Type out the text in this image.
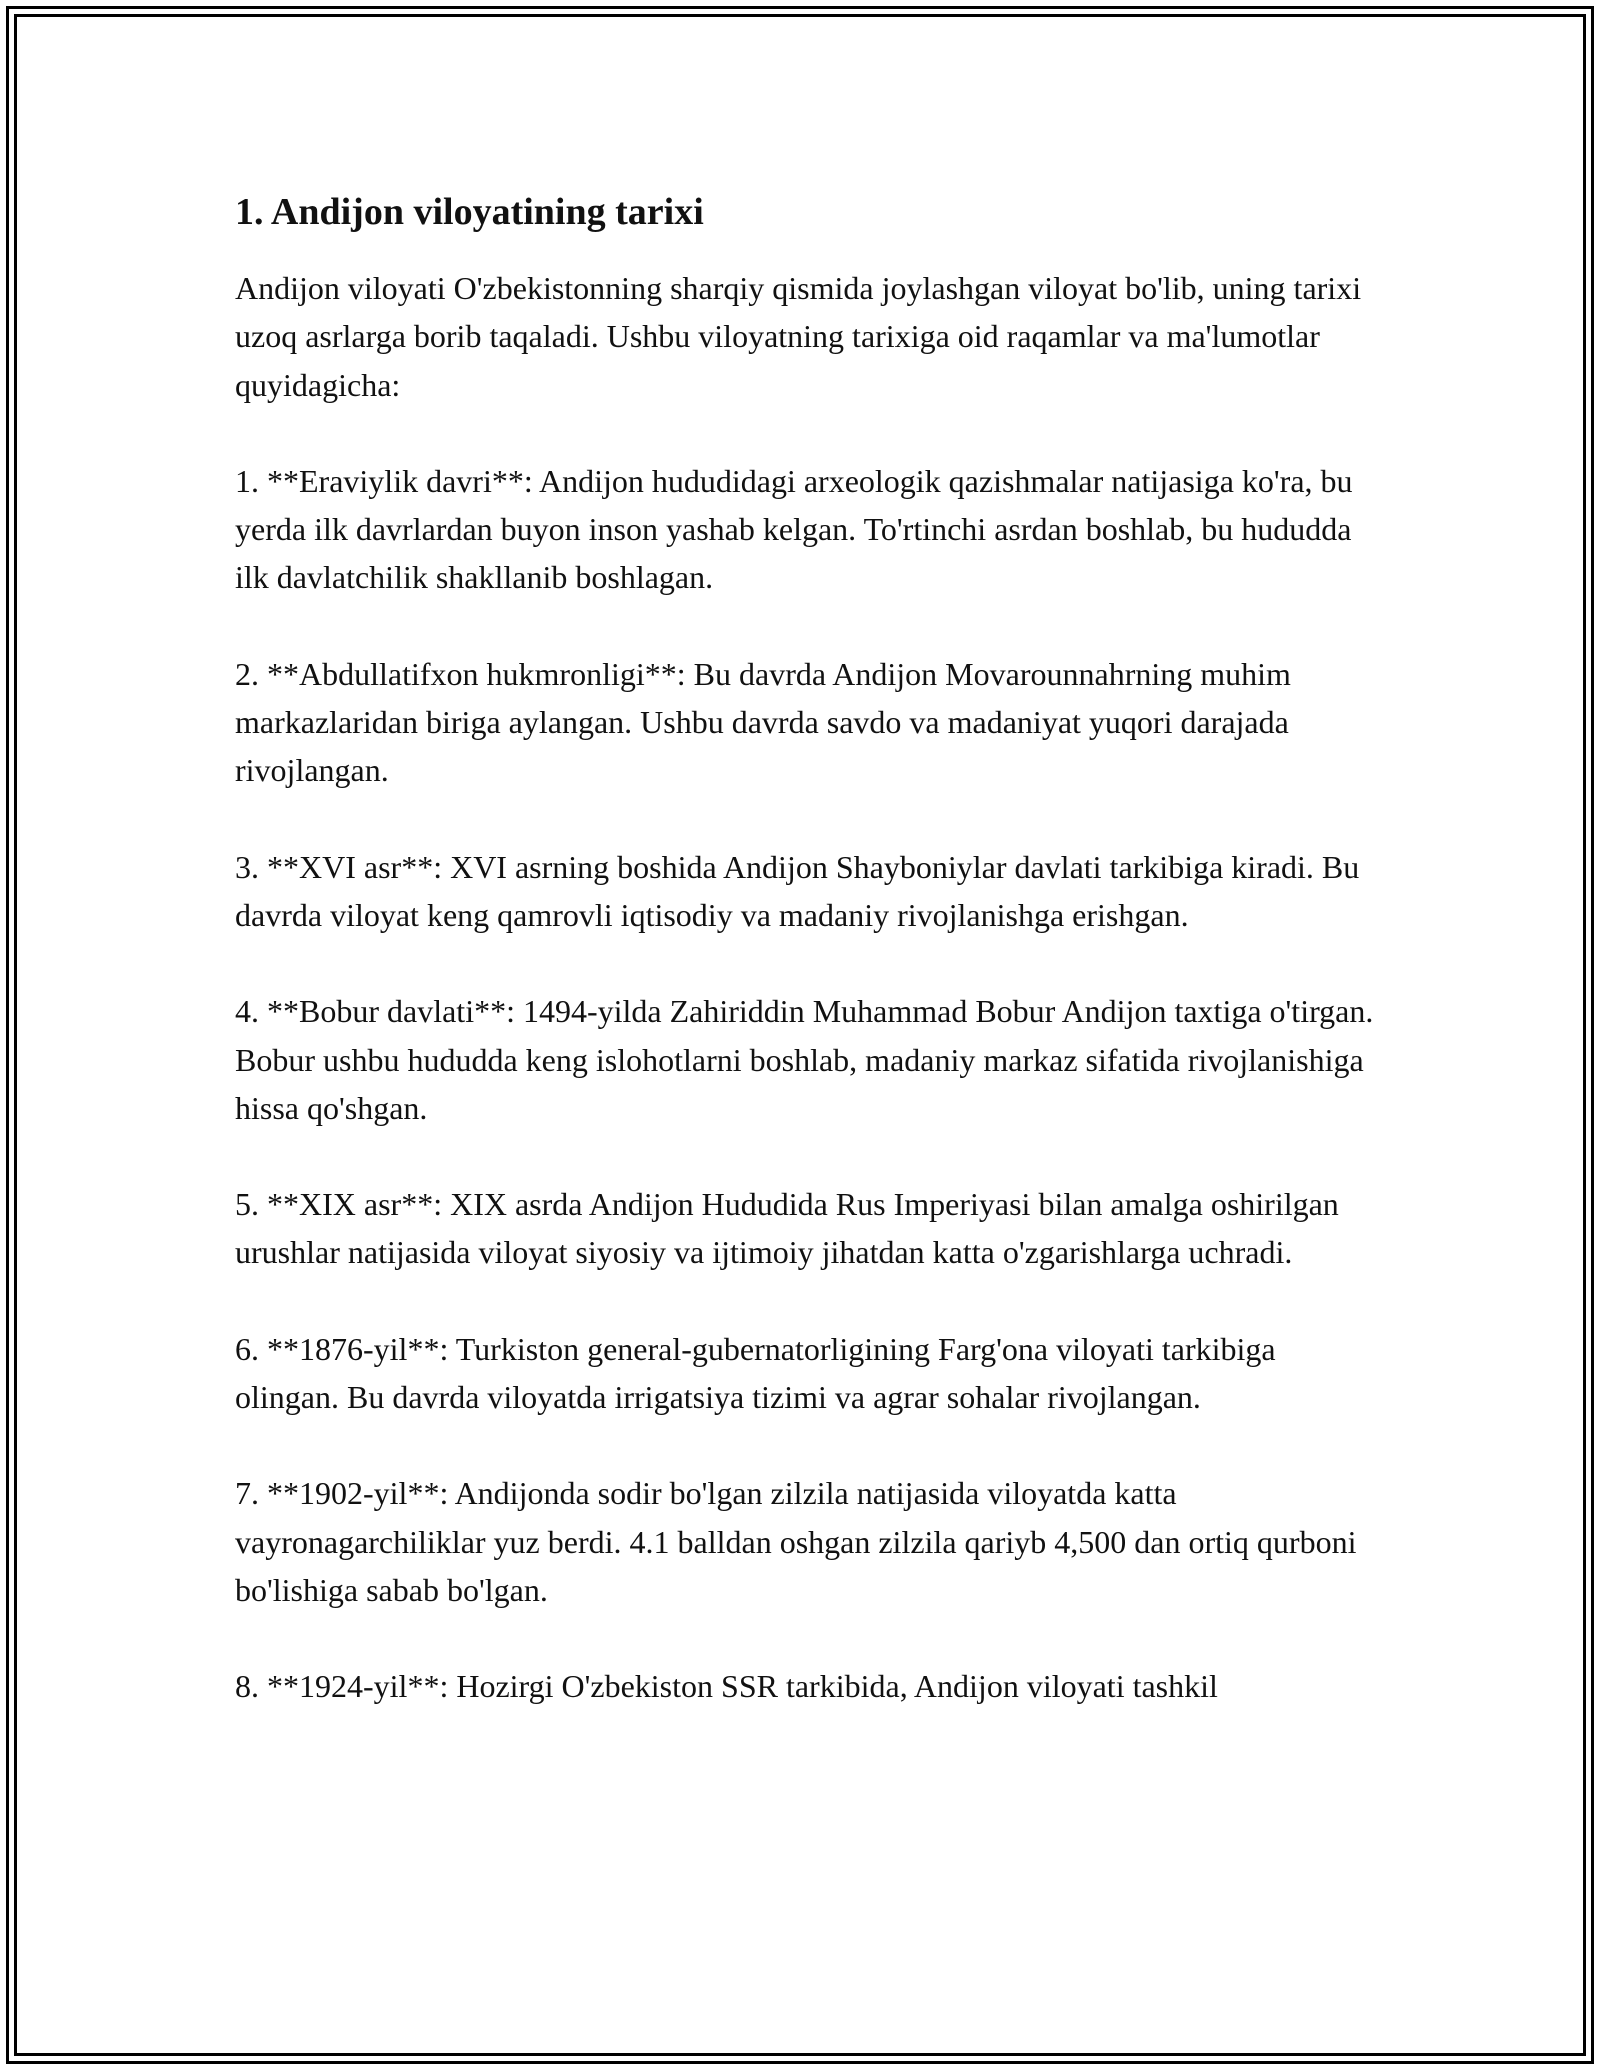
1. Andijon viloyatining tarixi

Andijon viloyati O'zbekistonning sharqiy qismida joylashgan viloyat bo'lib, uning tarixi uzoq asrlarga borib taqaladi. Ushbu viloyatning tarixiga oid raqamlar va ma'lumotlar quyidagicha:

1. **Eraviylik davri**: Andijon hududidagi arxeologik qazishmalar natijasiga ko'ra, bu yerda ilk davrlardan buyon inson yashab kelgan. To'rtinchi asrdan boshlab, bu hududda ilk davlatchilik shakllanib boshlagan.

2. **Abdullatifxon hukmronligi**: Bu davrda Andijon Movarounnahrning muhim markazlaridan biriga aylangan. Ushbu davrda savdo va madaniyat yuqori darajada rivojlangan.

3. **XVI asr**: XVI asrning boshida Andijon Shayboniylar davlati tarkibiga kiradi. Bu davrda viloyat keng qamrovli iqtisodiy va madaniy rivojlanishga erishgan.

4. **Bobur davlati**: 1494-yilda Zahiriddin Muhammad Bobur Andijon taxtiga o'tirgan. Bobur ushbu hududda keng islohotlarni boshlab, madaniy markaz sifatida rivojlanishiga hissa qo'shgan.

5. **XIX asr**: XIX asrda Andijon Hududida Rus Imperiyasi bilan amalga oshirilgan urushlar natijasida viloyat siyosiy va ijtimoiy jihatdan katta o'zgarishlarga uchradi.

6. **1876-yil**: Turkiston general-gubernatorligining Farg'ona viloyati tarkibiga olingan. Bu davrda viloyatda irrigatsiya tizimi va agrar sohalar rivojlangan.

7. **1902-yil**: Andijonda sodir bo'lgan zilzila natijasida viloyatda katta vayronagarchiliklar yuz berdi. 4.1 balldan oshgan zilzila qariyb 4,500 dan ortiq qurboni bo'lishiga sabab bo'lgan.

8. **1924-yil**: Hozirgi O'zbekiston SSR tarkibida, Andijon viloyati tashkil
